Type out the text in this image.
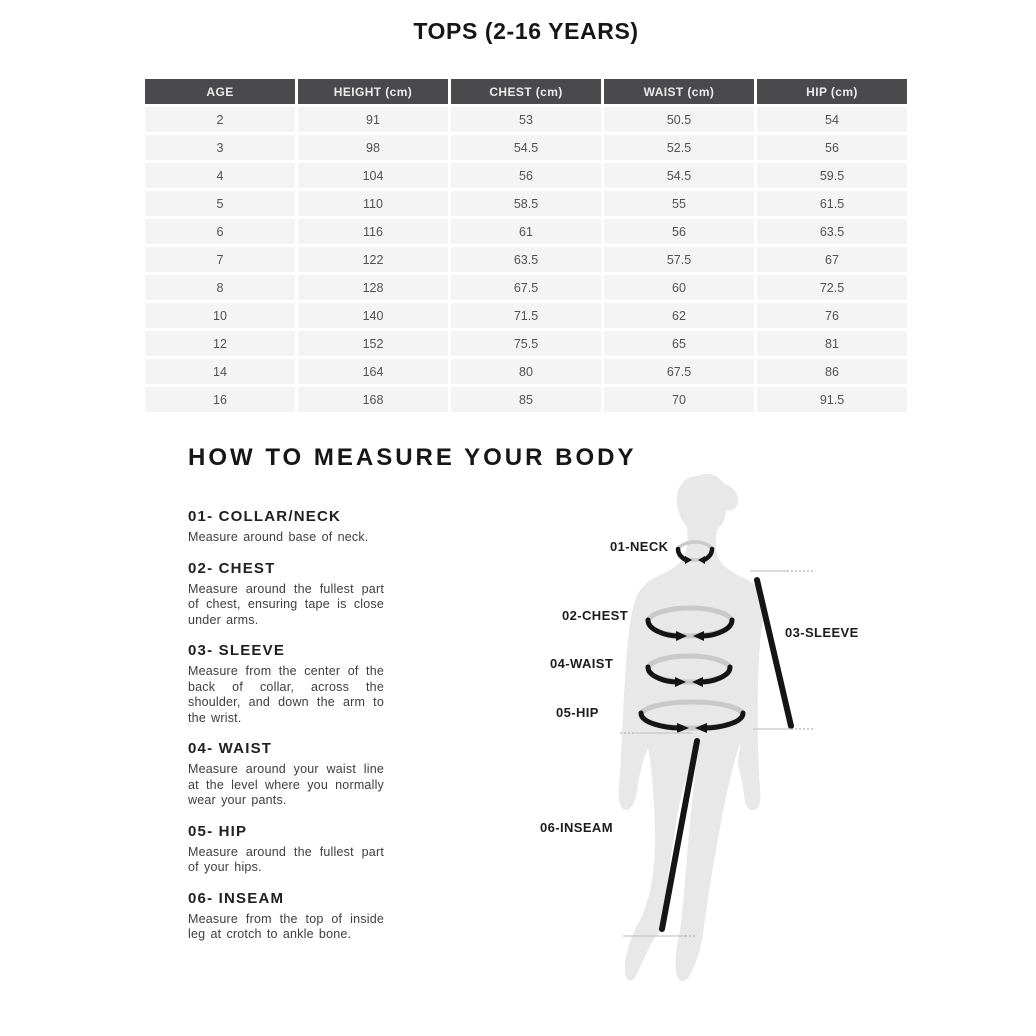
TOPS (2-16 YEARS)
AGE	HEIGHT (cm)	CHEST (cm)	WAIST (cm)	HIP (cm)
2	91	53	50.5	54
3	98	54.5	52.5	56
4	104	56	54.5	59.5
5	110	58.5	55	61.5
6	116	61	56	63.5
7	122	63.5	57.5	67
8	128	67.5	60	72.5
10	140	71.5	62	76
12	152	75.5	65	81
14	164	80	67.5	86
16	168	85	70	91.5
HOW TO MEASURE YOUR BODY
01- COLLAR/NECK

Measure around base of neck.

02- CHEST

Measure around the fullest part of chest, ensuring tape is close under arms.

03- SLEEVE

Measure from the center of the back of collar, across the shoulder, and down the arm to the wrist.

04- WAIST

Measure around your waist line at the level where you normally wear your pants.

05- HIP

Measure around the fullest part of your hips.

06- INSEAM

Measure from the top of inside leg at crotch to ankle bone.

01-NECK
02-CHEST
03-SLEEVE
04-WAIST
05-HIP
06-INSEAM
